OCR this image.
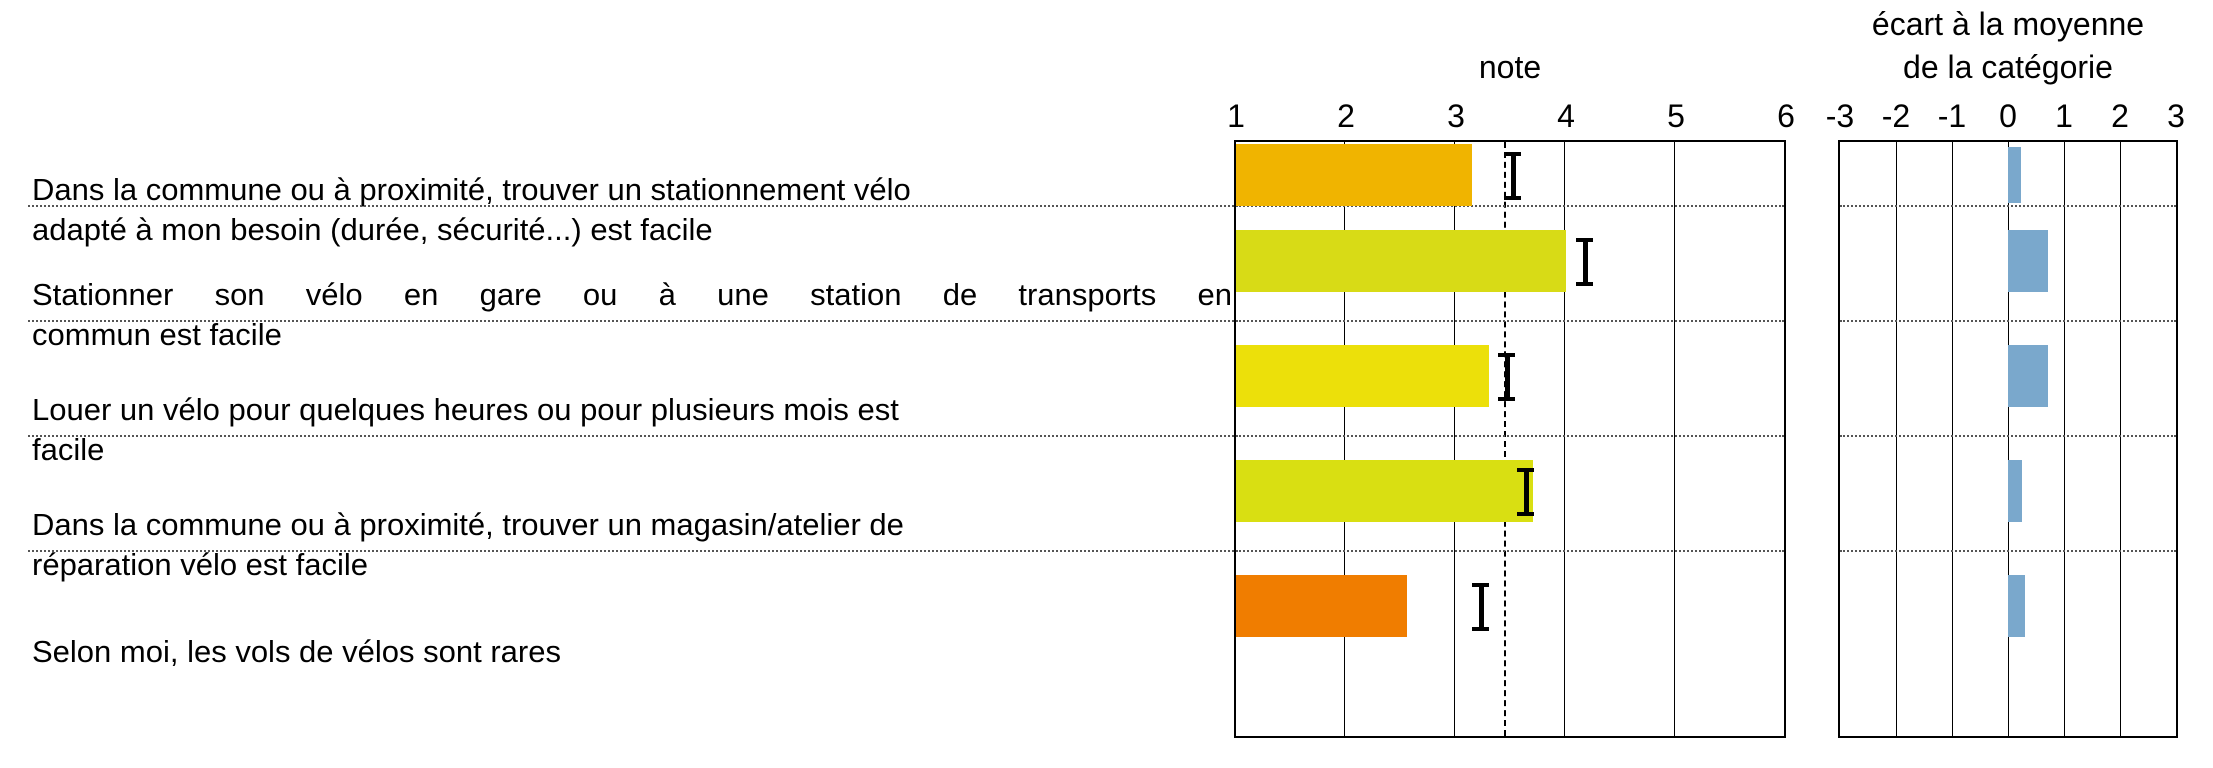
note
écart à la moyenne
de la catégorie
1	2	3	4	5	6 -3 -2 -1 0 1 2 3
Dans la commune ou à proximité, trouver un stationnement vélo
adapté à mon besoin (durée, sécurité...) est facile
Stationner son vélo en gare ou à une station de transports en
commun est facile
Louer un vélo pour quelques heures ou pour plusieurs mois est
facile
Dans la commune ou à proximité, trouver un magasin/atelier de
réparation vélo est facile
Selon moi, les vols de vélos sont rares
